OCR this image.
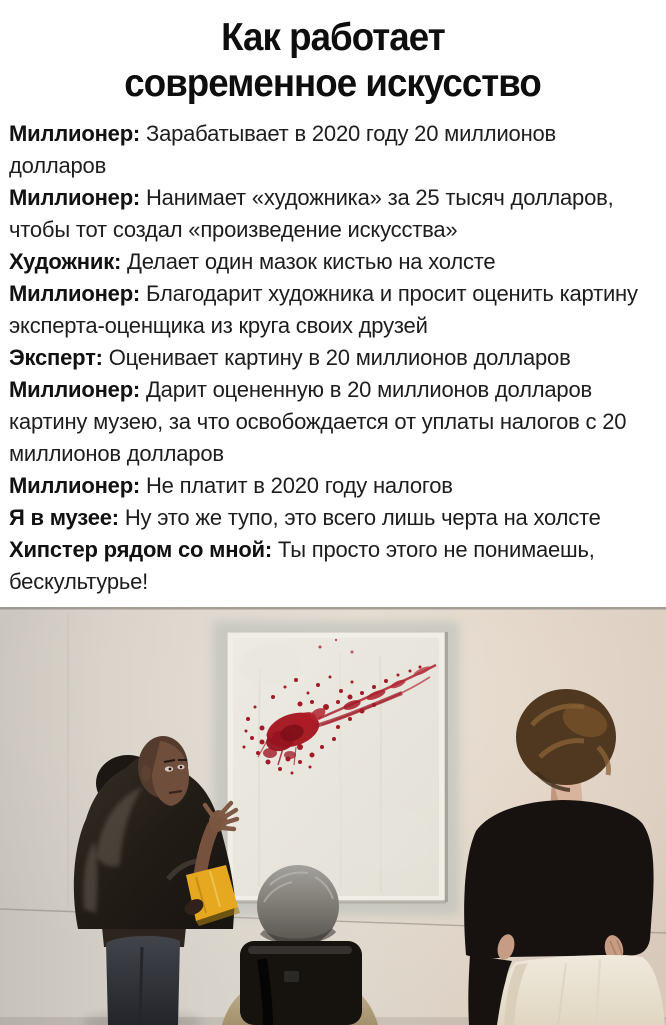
Как работает
современное искусство

Миллионер: Зарабатывает в 2020 году 20 миллионов долларов

Миллионер: Нанимает «художника» за 25 тысяч долларов, чтобы тот создал «произведение искусства»

Художник: Делает один мазок кистью на холсте

Миллионер: Благодарит художника и просит оценить картину эксперта-оценщика из круга своих друзей

Эксперт: Оценивает картину в 20 миллионов долларов

Миллионер: Дарит оцененную в 20 миллионов долларов картину музею, за что освобождается от уплаты налогов с 20 миллионов долларов

Миллионер: Не платит в 2020 году налогов

Я в музее: Ну это же тупо, это всего лишь черта на холсте

Хипстер рядом со мной: Ты просто этого не понимаешь, бескультурье!
